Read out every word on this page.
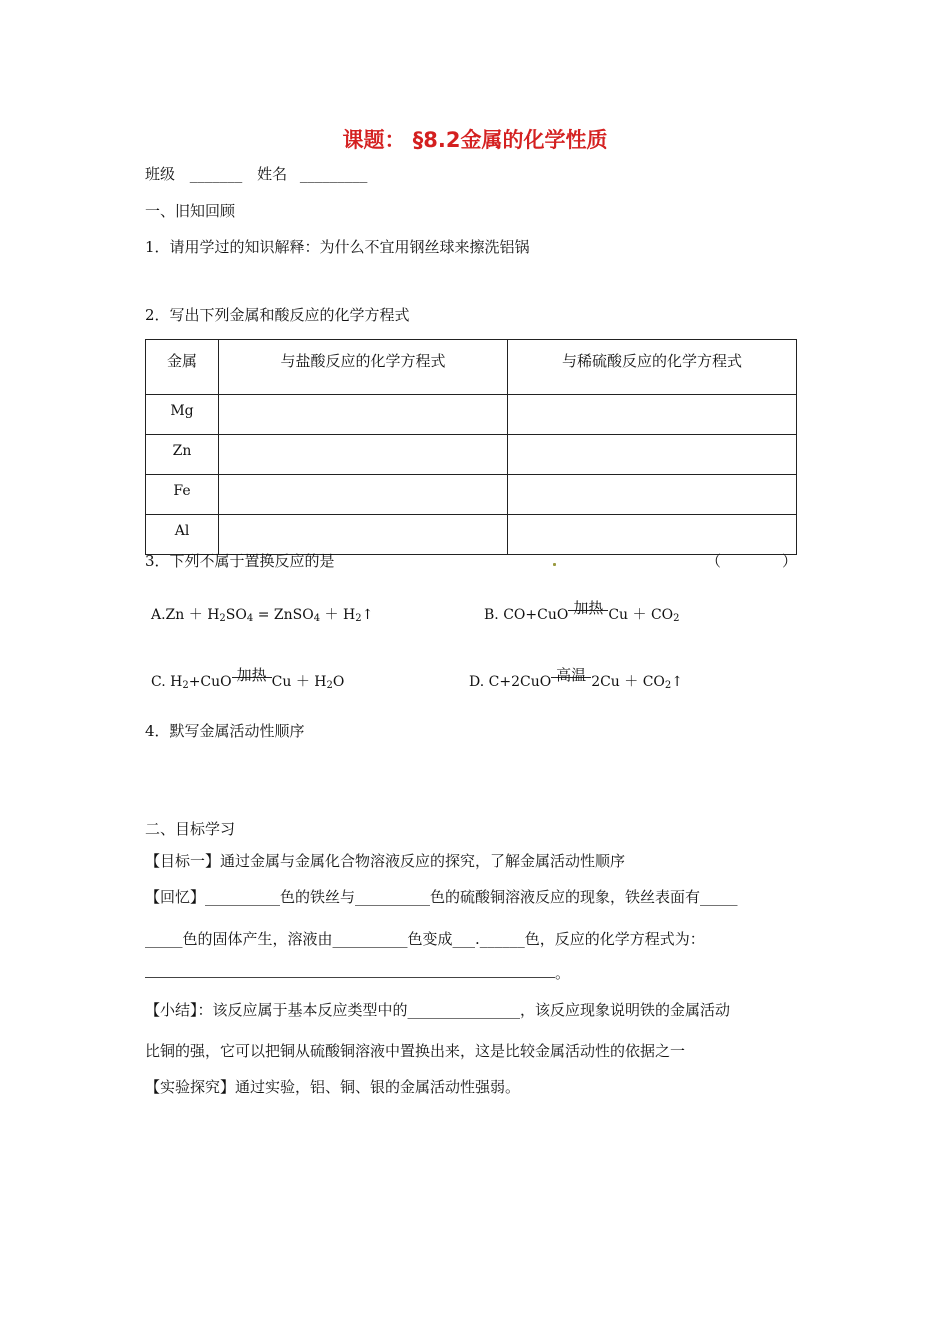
课题： §8.2金属的化学性质
班级 _______ 姓名 _________
一、旧知回顾
1．请用学过的知识解释：为什么不宜用钢丝球来擦洗铝锅
2．写出下列金属和酸反应的化学方程式
金属	与盐酸反应的化学方程式	与稀硫酸反应的化学方程式
Mg		
Zn		
Fe		
Al		
3．下列不属于置换反应的是	（	）
$A.Zn + H_2SO_4$ = ZnSO$_4$ ＋ $H_2↑$	B. CO+CuO 加热 $Cu + CO_2$
C. $H_2+CuO$ 加热 $Cu + H_2O$	D. C+2CuO 高温 $2Cu + CO_2↑$
4．默写金属活动性顺序
二、目标学习
【目标一】通过金属与金属化合物溶液反应的探究，了解金属活动性顺序
【回忆】__________色的铁丝与__________色的硫酸铜溶液反应的现象，铁丝表面有_____
_____色的固体产生，溶液由__________色变成___.______色，反应的化学方程式为：
。
【小结】：该反应属于基本反应类型中的_______________，该反应现象说明铁的金属活动
比铜的强，它可以把铜从硫酸铜溶液中置换出来，这是比较金属活动性的依据之一
【实验探究】通过实验，铝、铜、银的金属活动性强弱。
